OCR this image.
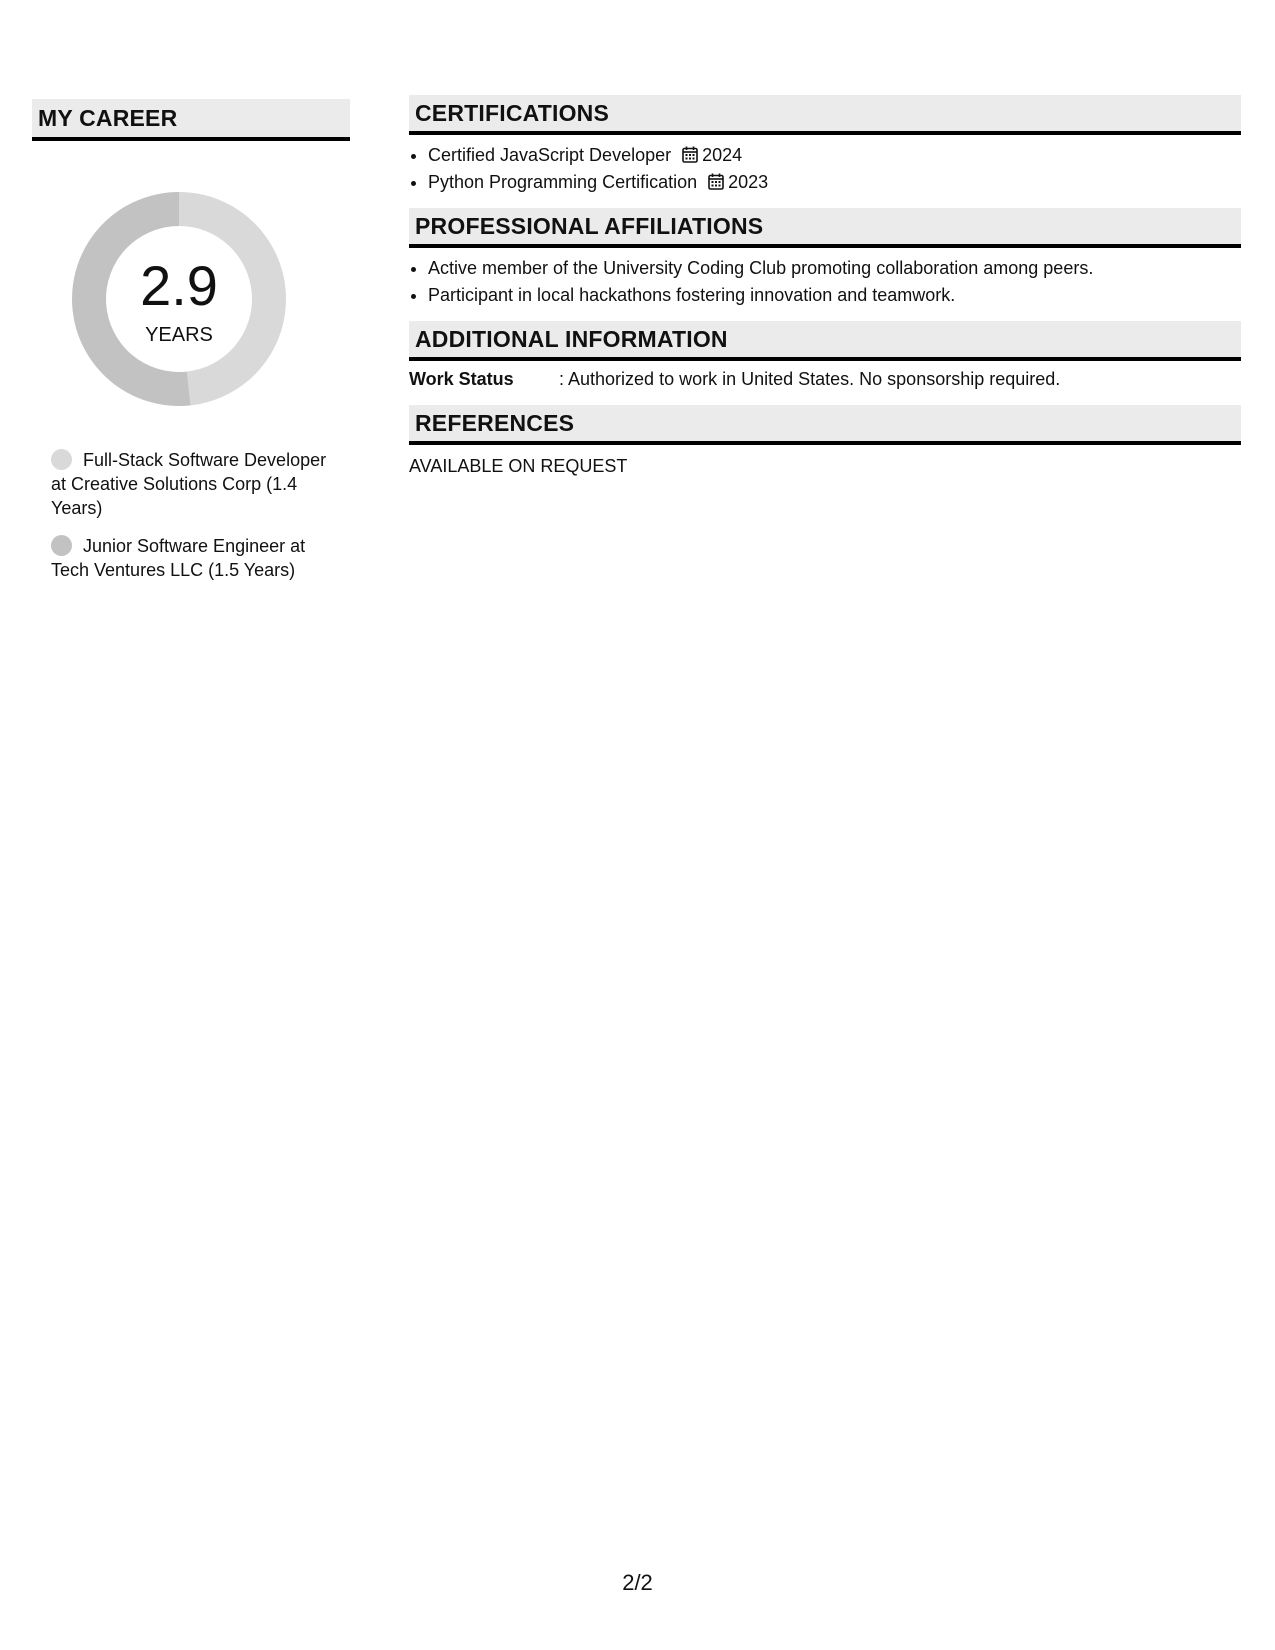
MY CAREER
2.9
YEARS
Full-Stack Software Developer at Creative Solutions Corp (1.4 Years)
Junior Software Engineer at Tech Ventures LLC (1.5 Years)
CERTIFICATIONS
• Certified JavaScript Developer 2024
• Python Programming Certification 2023
PROFESSIONAL AFFILIATIONS
• Active member of the University Coding Club promoting collaboration among peers.
• Participant in local hackathons fostering innovation and teamwork.
ADDITIONAL INFORMATION
Work Status	: Authorized to work in United States. No sponsorship required.
REFERENCES
AVAILABLE ON REQUEST
2/2
